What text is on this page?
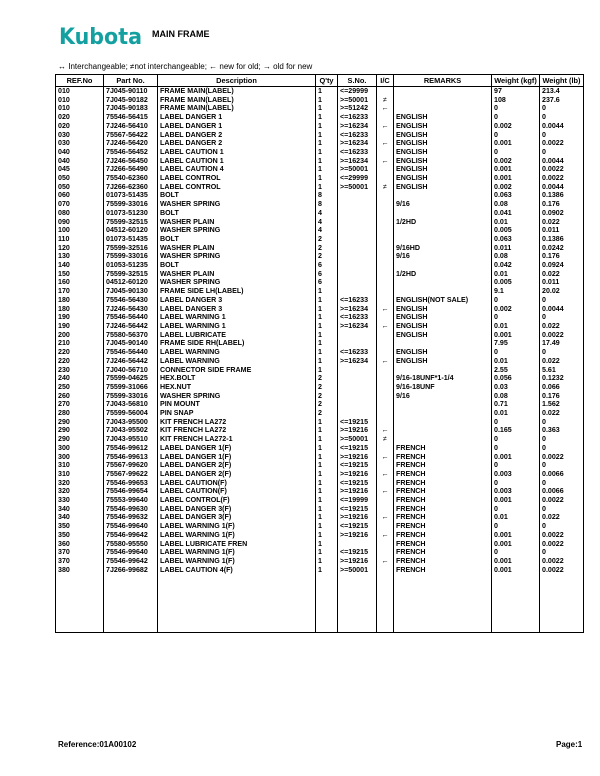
Kubota MAIN FRAME
↔ Interchangeable; ≠not interchangeable; ← new for old; → old for new
REF.No	Part No.	Description	Q'ty	S.No.	I/C	REMARKS	Weight (kgf)	Weight (lb)
010	7J045-90110	FRAME MAIN(LABEL)	1	<=29999			97	213.4
010	7J045-90182	FRAME MAIN(LABEL)	1	>=50001	≠		108	237.6
010	7J045-90183	FRAME MAIN(LABEL)	1	>=51242	←		0	0
020	75546-56415	LABEL DANGER 1	1	<=16233		ENGLISH	0	0
020	7J246-56410	LABEL DANGER 1	1	>=16234	←	ENGLISH	0.002	0.0044
030	75567-56422	LABEL DANGER 2	1	<=16233		ENGLISH	0	0
030	7J246-56420	LABEL DANGER 2	1	>=16234	←	ENGLISH	0.001	0.0022
040	75546-56452	LABEL CAUTION 1	1	<=16233		ENGLISH	0	0
040	7J246-56450	LABEL CAUTION 1	1	>=16234	←	ENGLISH	0.002	0.0044
045	7J266-56490	LABEL CAUTION 4	1	>=50001		ENGLISH	0.001	0.0022
050	75540-62360	LABEL CONTROL	1	<=29999		ENGLISH	0.001	0.0022
050	7J266-62360	LABEL CONTROL	1	>=50001	≠	ENGLISH	0.002	0.0044
060	01073-51435	BOLT	8				0.063	0.1386
070	75599-33016	WASHER SPRING	8			9/16	0.08	0.176
080	01073-51230	BOLT	4				0.041	0.0902
090	75599-32515	WASHER PLAIN	4			1/2HD	0.01	0.022
100	04512-60120	WASHER SPRING	4				0.005	0.011
110	01073-51435	BOLT	2				0.063	0.1386
120	75599-32516	WASHER PLAIN	2			9/16HD	0.011	0.0242
130	75599-33016	WASHER SPRING	2			9/16	0.08	0.176
140	01053-51235	BOLT	6				0.042	0.0924
150	75599-32515	WASHER PLAIN	6			1/2HD	0.01	0.022
160	04512-60120	WASHER SPRING	6				0.005	0.011
170	7J045-90130	FRAME SIDE LH(LABEL)	1				9.1	20.02
180	75546-56430	LABEL DANGER 3	1	<=16233		ENGLISH(NOT SALE)	0	0
180	7J246-56430	LABEL DANGER 3	1	>=16234	←	ENGLISH	0.002	0.0044
190	75546-56440	LABEL WARNING 1	1	<=16233		ENGLISH	0	0
190	7J246-56442	LABEL WARNING 1	1	>=16234	←	ENGLISH	0.01	0.022
200	75580-56370	LABEL LUBRICATE	1			ENGLISH	0.001	0.0022
210	7J045-90140	FRAME SIDE RH(LABEL)	1				7.95	17.49
220	75546-56440	LABEL WARNING	1	<=16233		ENGLISH	0	0
220	7J246-56442	LABEL WARNING	1	>=16234	←	ENGLISH	0.01	0.022
230	7J040-56710	CONNECTOR SIDE FRAME	1				2.55	5.61
240	75599-04625	HEX.BOLT	2			9/16-18UNF*1-1/4	0.056	0.1232
250	75599-31066	HEX.NUT	2			9/16-18UNF	0.03	0.066
260	75599-33016	WASHER SPRING	2			9/16	0.08	0.176
270	7J043-56810	PIN MOUNT	2				0.71	1.562
280	75599-56004	PIN SNAP	2				0.01	0.022
290	7J043-95500	KIT FRENCH LA272	1	<=19215			0	0
290	7J043-95502	KIT FRENCH LA272	1	>=19216	←		0.165	0.363
290	7J043-95510	KIT FRENCH LA272-1	1	>=50001	≠		0	0
300	75546-99612	LABEL DANGER 1(F)	1	<=19215		FRENCH	0	0
300	75546-99613	LABEL DANGER 1(F)	1	>=19216	←	FRENCH	0.001	0.0022
310	75567-99620	LABEL DANGER 2(F)	1	<=19215		FRENCH	0	0
310	75567-99622	LABEL DANGER 2(F)	1	>=19216	←	FRENCH	0.003	0.0066
320	75546-99653	LABEL CAUTION(F)	1	<=19215		FRENCH	0	0
320	75546-99654	LABEL CAUTION(F)	1	>=19216	←	FRENCH	0.003	0.0066
330	75553-99640	LABEL CONTROL(F)	1	<=19999		FRENCH	0.001	0.0022
340	75546-99630	LABEL DANGER 3(F)	1	<=19215		FRENCH	0	0
340	75546-99632	LABEL DANGER 3(F)	1	>=19216	←	FRENCH	0.01	0.022
350	75546-99640	LABEL WARNING 1(F)	1	<=19215		FRENCH	0	0
350	75546-99642	LABEL WARNING 1(F)	1	>=19216	←	FRENCH	0.001	0.0022
360	75580-95550	LABEL LUBRICATE FREN	1			FRENCH	0.001	0.0022
370	75546-99640	LABEL WARNING 1(F)	1	<=19215		FRENCH	0	0
370	75546-99642	LABEL WARNING 1(F)	1	>=19216	←	FRENCH	0.001	0.0022
380	7J266-99682	LABEL CAUTION 4(F)	1	>=50001		FRENCH	0.001	0.0022

Reference:01A00102	Page:1
